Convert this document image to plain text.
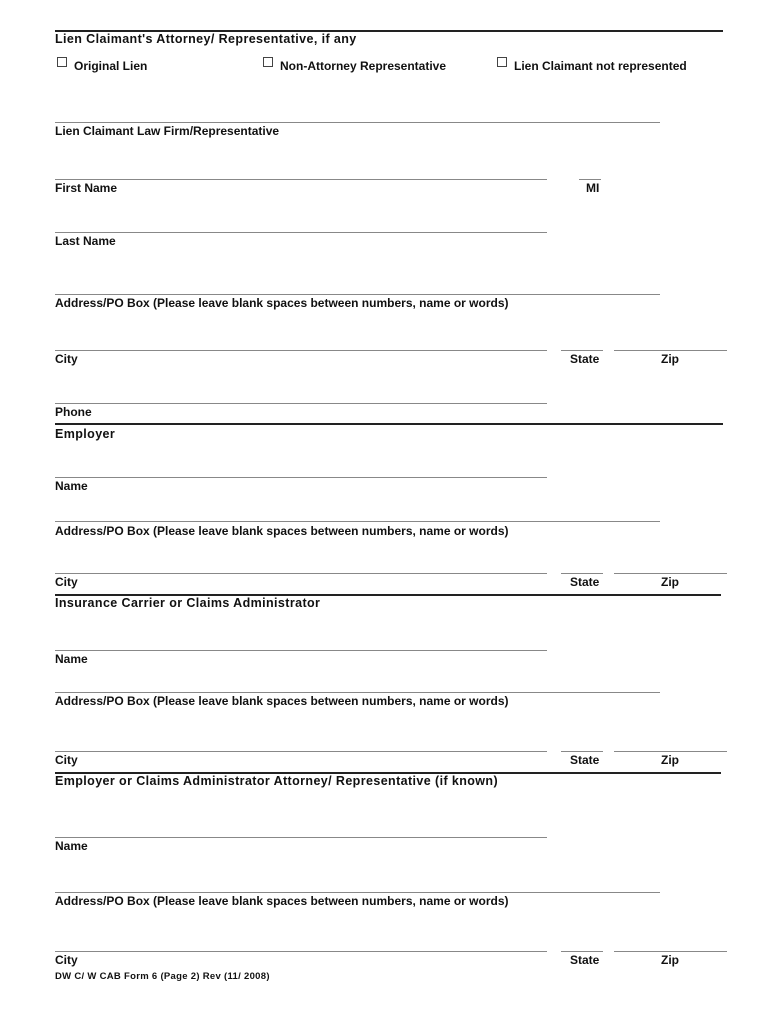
Lien Claimant's Attorney/ Representative, if any
Original Lien	Non-Attorney Representative	Lien Claimant not represented
Lien Claimant Law Firm/Representative
First Name	MI
Last Name
Address/PO Box (Please leave blank spaces between numbers, name or words)
City	State	Zip
Phone
Employer
Name
Address/PO Box (Please leave blank spaces between numbers, name or words)
City	State	Zip
Insurance Carrier or Claims Administrator
Name
Address/PO Box (Please leave blank spaces between numbers, name or words)
City	State	Zip
Employer or Claims Administrator Attorney/ Representative (if known)
Name
Address/PO Box (Please leave blank spaces between numbers, name or words)
City	State	Zip
DW C/ W CAB Form 6 (Page 2) Rev (11/ 2008)
